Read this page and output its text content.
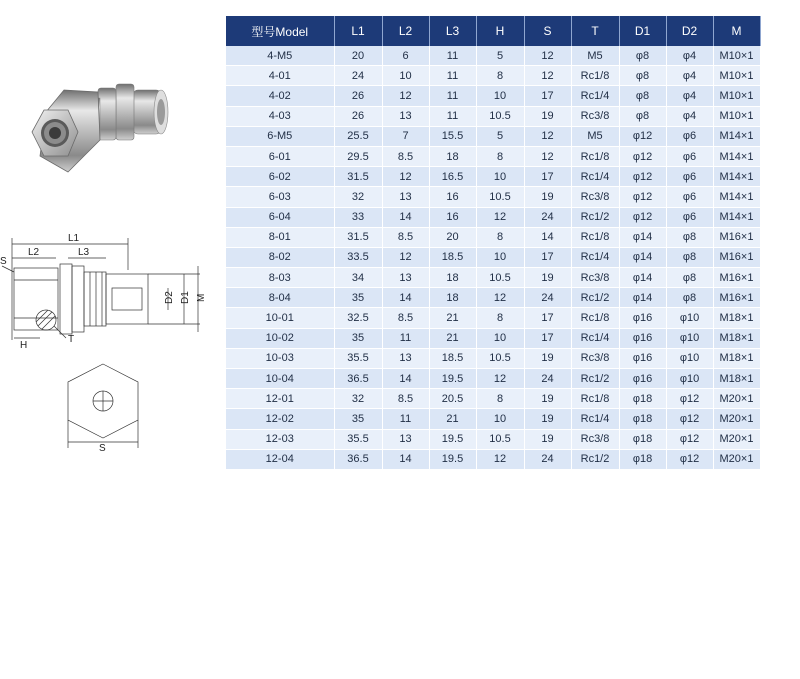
L1
L2	L3
S
H
T
D2 D1 M
S
型号Model	L1	L2	L3	H	S	T	D1	D2	M
4-M5	20	6	11	5	12	M5	φ8	φ4	M10×1
4-01	24	10	11	8	12	Rc1/8	φ8	φ4	M10×1
4-02	26	12	11	10	17	Rc1/4	φ8	φ4	M10×1
4-03	26	13	11	10.5	19	Rc3/8	φ8	φ4	M10×1
6-M5	25.5	7	15.5	5	12	M5	φ12	φ6	M14×1
6-01	29.5	8.5	18	8	12	Rc1/8	φ12	φ6	M14×1
6-02	31.5	12	16.5	10	17	Rc1/4	φ12	φ6	M14×1
6-03	32	13	16	10.5	19	Rc3/8	φ12	φ6	M14×1
6-04	33	14	16	12	24	Rc1/2	φ12	φ6	M14×1
8-01	31.5	8.5	20	8	14	Rc1/8	φ14	φ8	M16×1
8-02	33.5	12	18.5	10	17	Rc1/4	φ14	φ8	M16×1
8-03	34	13	18	10.5	19	Rc3/8	φ14	φ8	M16×1
8-04	35	14	18	12	24	Rc1/2	φ14	φ8	M16×1
10-01	32.5	8.5	21	8	17	Rc1/8	φ16	φ10	M18×1
10-02	35	11	21	10	17	Rc1/4	φ16	φ10	M18×1
10-03	35.5	13	18.5	10.5	19	Rc3/8	φ16	φ10	M18×1
10-04	36.5	14	19.5	12	24	Rc1/2	φ16	φ10	M18×1
12-01	32	8.5	20.5	8	19	Rc1/8	φ18	φ12	M20×1
12-02	35	11	21	10	19	Rc1/4	φ18	φ12	M20×1
12-03	35.5	13	19.5	10.5	19	Rc3/8	φ18	φ12	M20×1
12-04	36.5	14	19.5	12	24	Rc1/2	φ18	φ12	M20×1
